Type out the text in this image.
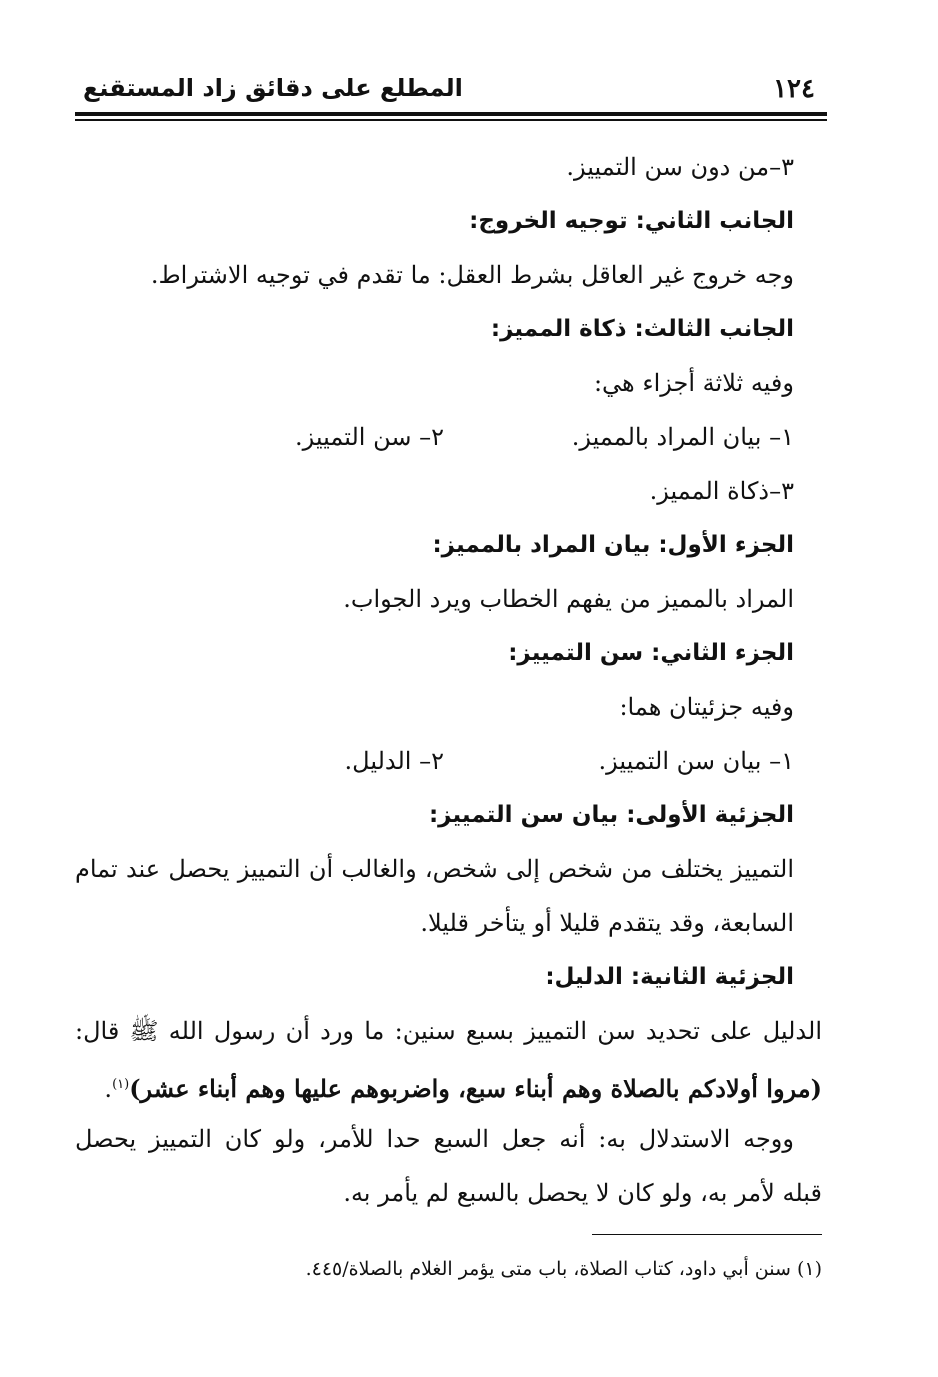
١٢٤
المطلع على دقائق زاد المستقنع
٣–من دون سن التمييز.
الجانب الثاني: توجيه الخروج:
وجه خروج غير العاقل بشرط العقل: ما تقدم في توجيه الاشتراط.
الجانب الثالث: ذكاة المميز:
وفيه ثلاثة أجزاء هي:
١– بيان المراد بالمميز.
٢– سن التمييز.
٣–ذكاة المميز.
الجزء الأول: بيان المراد بالمميز:
المراد بالمميز من يفهم الخطاب ويرد الجواب.
الجزء الثاني: سن التمييز:
وفيه جزئيتان هما:
١– بيان سن التمييز.
٢– الدليل.
الجزئية الأولى: بيان سن التمييز:
التمييز يختلف من شخص إلى شخص، والغالب أن التمييز يحصل عند تمام
السابعة، وقد يتقدم قليلا أو يتأخر قليلا.
الجزئية الثانية: الدليل:
الدليل على تحديد سن التمييز بسبع سنين: ما ورد أن رسول الله ﷺ قال:
(مروا أولادكم بالصلاة وهم أبناء سبع، واضربوهم عليها وهم أبناء عشر)$^{(١)}$.
ووجه الاستدلال به: أنه جعل السبع حدا للأمر، ولو كان التمييز يحصل
قبله لأمر به، ولو كان لا يحصل بالسبع لم يأمر به.
(١) سنن أبي داود، كتاب الصلاة، باب متى يؤمر الغلام بالصلاة/٤٤٥.
